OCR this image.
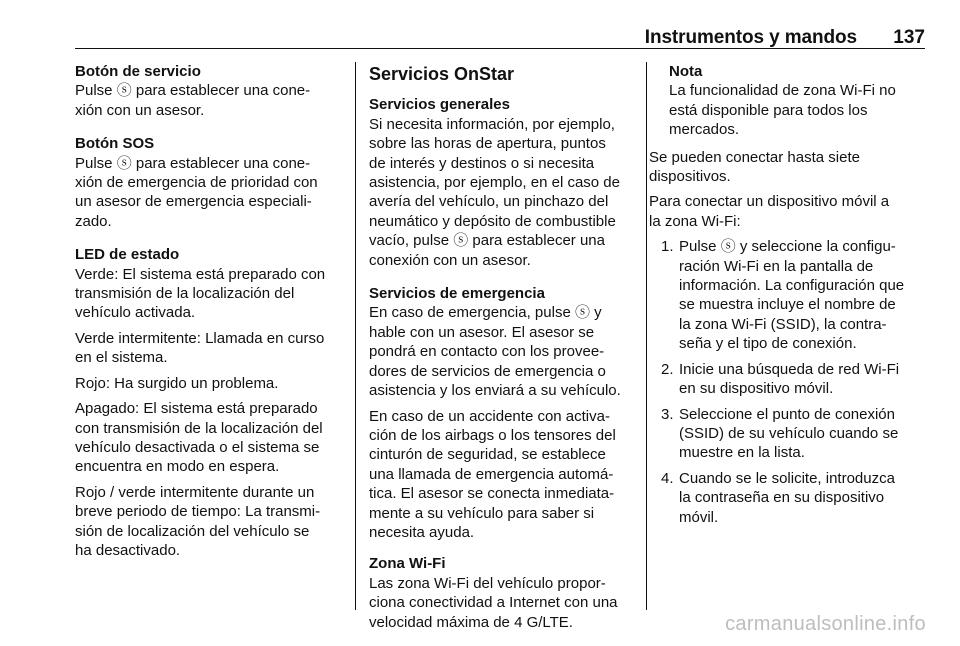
Instrumentos y mandos 137
Botón de servicio
Pulse ⓢ para establecer una cone-
xión con un asesor.
Botón SOS
Pulse ⓢ para establecer una cone-
xión de emergencia de prioridad con
un asesor de emergencia especiali-
zado.
LED de estado
Verde: El sistema está preparado con
transmisión de la localización del
vehículo activada.
Verde intermitente: Llamada en curso
en el sistema.
Rojo: Ha surgido un problema.
Apagado: El sistema está preparado
con transmisión de la localización del
vehículo desactivada o el sistema se
encuentra en modo en espera.
Rojo / verde intermitente durante un
breve periodo de tiempo: La transmi-
sión de localización del vehículo se
ha desactivado.
Servicios OnStar
Servicios generales
Si necesita información, por ejemplo,
sobre las horas de apertura, puntos
de interés y destinos o si necesita
asistencia, por ejemplo, en el caso de
avería del vehículo, un pinchazo del
neumático y depósito de combustible
vacío, pulse ⓢ para establecer una
conexión con un asesor.
Servicios de emergencia
En caso de emergencia, pulse ⓢ y
hable con un asesor. El asesor se
pondrá en contacto con los provee-
dores de servicios de emergencia o
asistencia y los enviará a su vehículo.
En caso de un accidente con activa-
ción de los airbags o los tensores del
cinturón de seguridad, se establece
una llamada de emergencia automá-
tica. El asesor se conecta inmediata-
mente a su vehículo para saber si
necesita ayuda.
Zona Wi-Fi
Las zona Wi-Fi del vehículo propor-
ciona conectividad a Internet con una
velocidad máxima de 4 G/LTE.
Nota
La funcionalidad de zona Wi-Fi no
está disponible para todos los
mercados.
Se pueden conectar hasta siete
dispositivos.
Para conectar un dispositivo móvil a
la zona Wi-Fi:
1. Pulse ⓢ y seleccione la configu-
ración Wi-Fi en la pantalla de
información. La configuración que
se muestra incluye el nombre de
la zona Wi-Fi (SSID), la contra-
seña y el tipo de conexión.
2. Inicie una búsqueda de red Wi-Fi
en su dispositivo móvil.
3. Seleccione el punto de conexión
(SSID) de su vehículo cuando se
muestre en la lista.
4. Cuando se le solicite, introduzca
la contraseña en su dispositivo
móvil.
carmanualsonline.info
